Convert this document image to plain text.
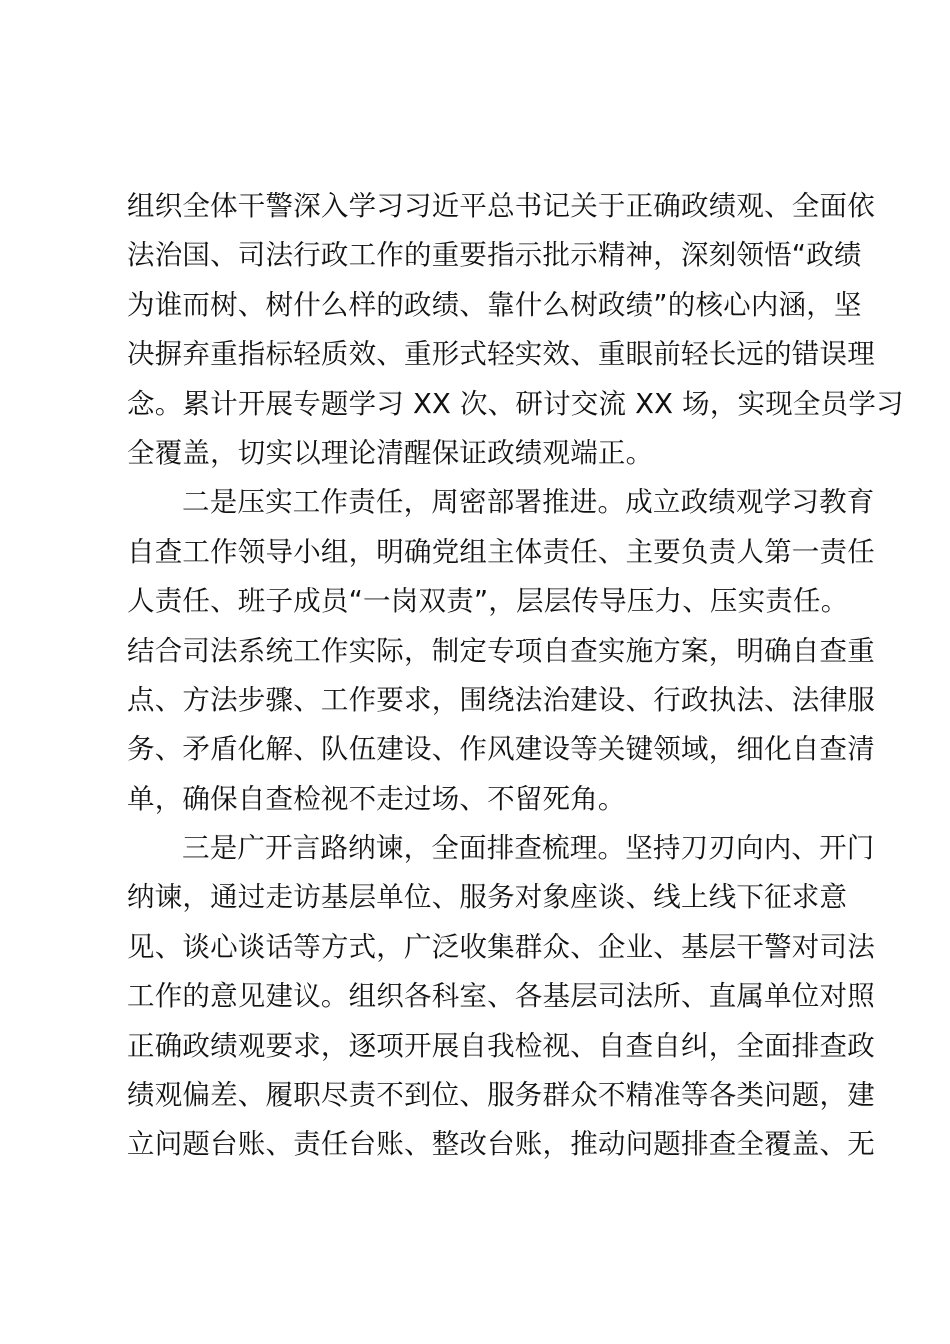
组织全体干警深入学习习近平总书记关于正确政绩观、全面依
法治国、司法行政工作的重要指示批示精神，深刻领悟“政绩
为谁而树、树什么样的政绩、靠什么树政绩”的核心内涵，坚
决摒弃重指标轻质效、重形式轻实效、重眼前轻长远的错误理
念。累计开展专题学习 XX 次、研讨交流 XX 场，实现全员学习
全覆盖，切实以理论清醒保证政绩观端正。
二是压实工作责任，周密部署推进。成立政绩观学习教育
自查工作领导小组，明确党组主体责任、主要负责人第一责任
人责任、班子成员“一岗双责”，层层传导压力、压实责任。
结合司法系统工作实际，制定专项自查实施方案，明确自查重
点、方法步骤、工作要求，围绕法治建设、行政执法、法律服
务、矛盾化解、队伍建设、作风建设等关键领域，细化自查清
单，确保自查检视不走过场、不留死角。
三是广开言路纳谏，全面排查梳理。坚持刀刃向内、开门
纳谏，通过走访基层单位、服务对象座谈、线上线下征求意
见、谈心谈话等方式，广泛收集群众、企业、基层干警对司法
工作的意见建议。组织各科室、各基层司法所、直属单位对照
正确政绩观要求，逐项开展自我检视、自查自纠，全面排查政
绩观偏差、履职尽责不到位、服务群众不精准等各类问题，建
立问题台账、责任台账、整改台账，推动问题排查全覆盖、无
